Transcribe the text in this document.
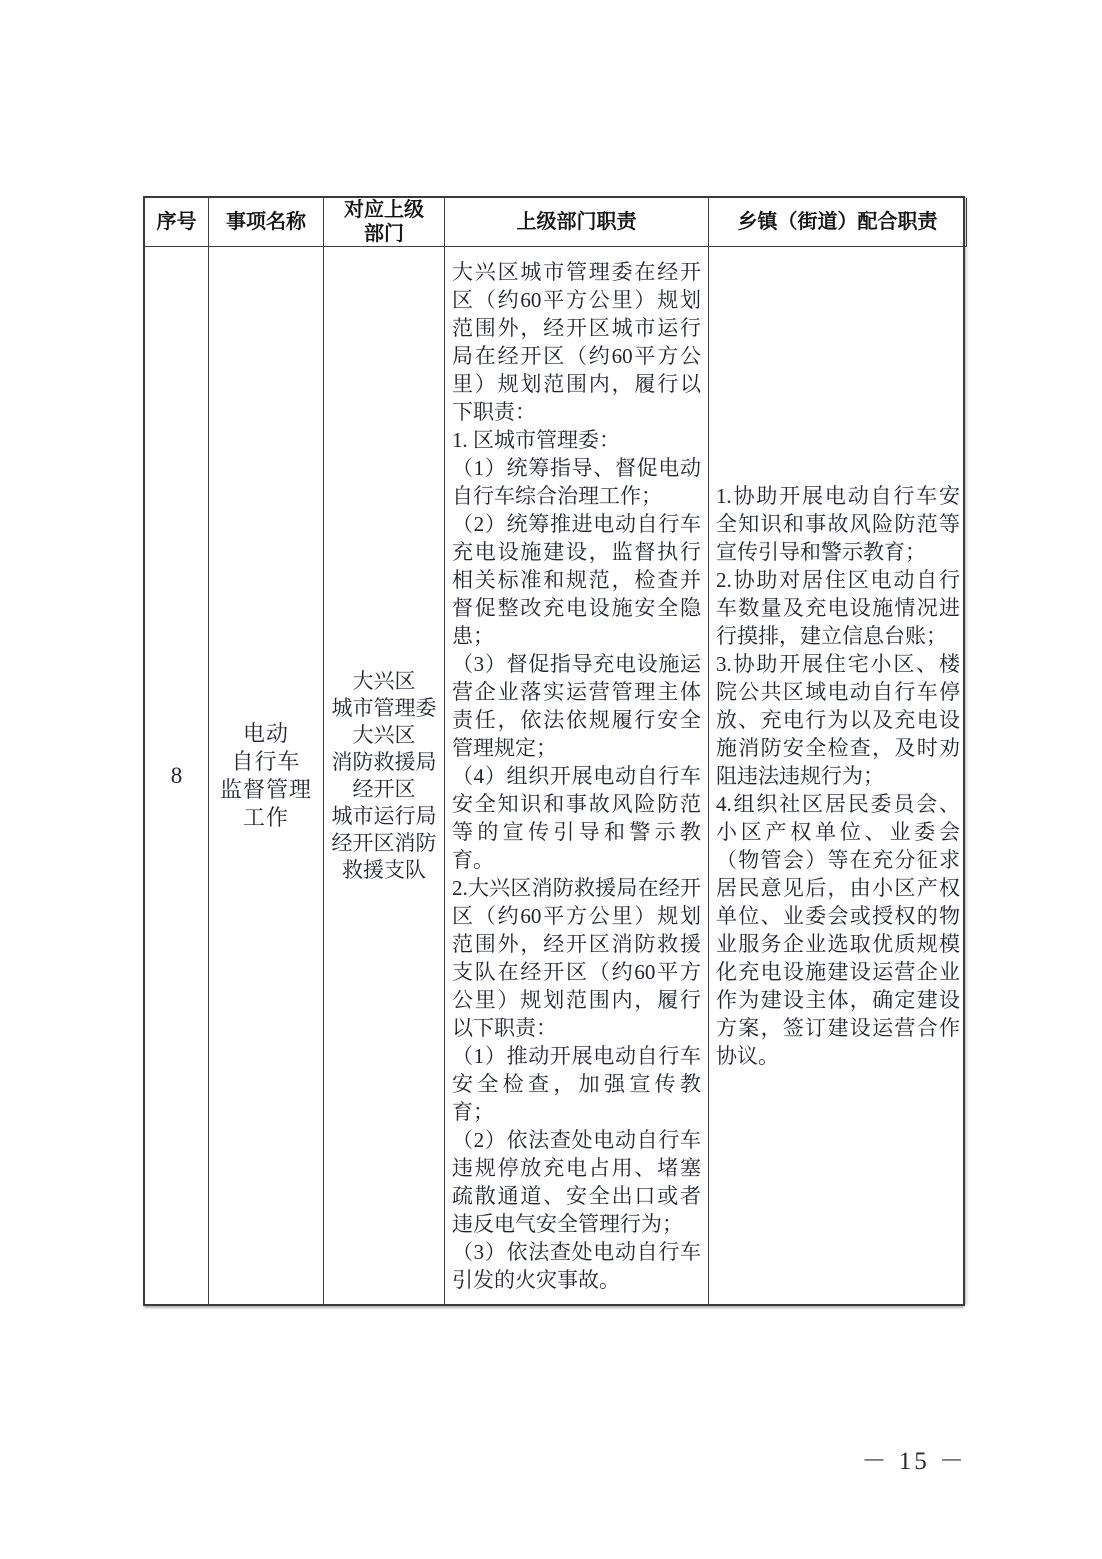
序号 事项名称
对应上级
部门
上级部门职责	乡镇（街道）配合职责
8
电动
自行车
监督管理
工作
大兴区
城市管理委
大兴区
消防救援局
经开区
城市运行局
经开区消防
救援支队
大兴区城市管理委在经开区（约60平方公里）规划范围外，经开区城市运行局在经开区（约60平方公里）规划范围内，履行以下职责：
1. 区城市管理委：
（1）统筹指导、督促电动自行车综合治理工作；
（2）统筹推进电动自行车充电设施建设，监督执行相关标准和规范，检查并督促整改充电设施安全隐患；
（3）督促指导充电设施运营企业落实运营管理主体责任，依法依规履行安全管理规定；
（4）组织开展电动自行车安全知识和事故风险防范等的宣传引导和警示教育。
2.大兴区消防救援局在经开区（约60平方公里）规划范围外，经开区消防救援支队在经开区（约60平方公里）规划范围内，履行以下职责：
（1）推动开展电动自行车安全检查，加强宣传教育；
（2）依法查处电动自行车违规停放充电占用、堵塞疏散通道、安全出口或者违反电气安全管理行为；
（3）依法查处电动自行车引发的火灾事故。
1.协助开展电动自行车安全知识和事故风险防范等宣传引导和警示教育；
2.协助对居住区电动自行车数量及充电设施情况进行摸排，建立信息台账；
3.协助开展住宅小区、楼院公共区域电动自行车停放、充电行为以及充电设施消防安全检查，及时劝阻违法违规行为；
4.组织社区居民委员会、小区产权单位、业委会（物管会）等在充分征求居民意见后，由小区产权单位、业委会或授权的物业服务企业选取优质规模化充电设施建设运营企业作为建设主体，确定建设方案，签订建设运营合作协议。
－ 15 －
